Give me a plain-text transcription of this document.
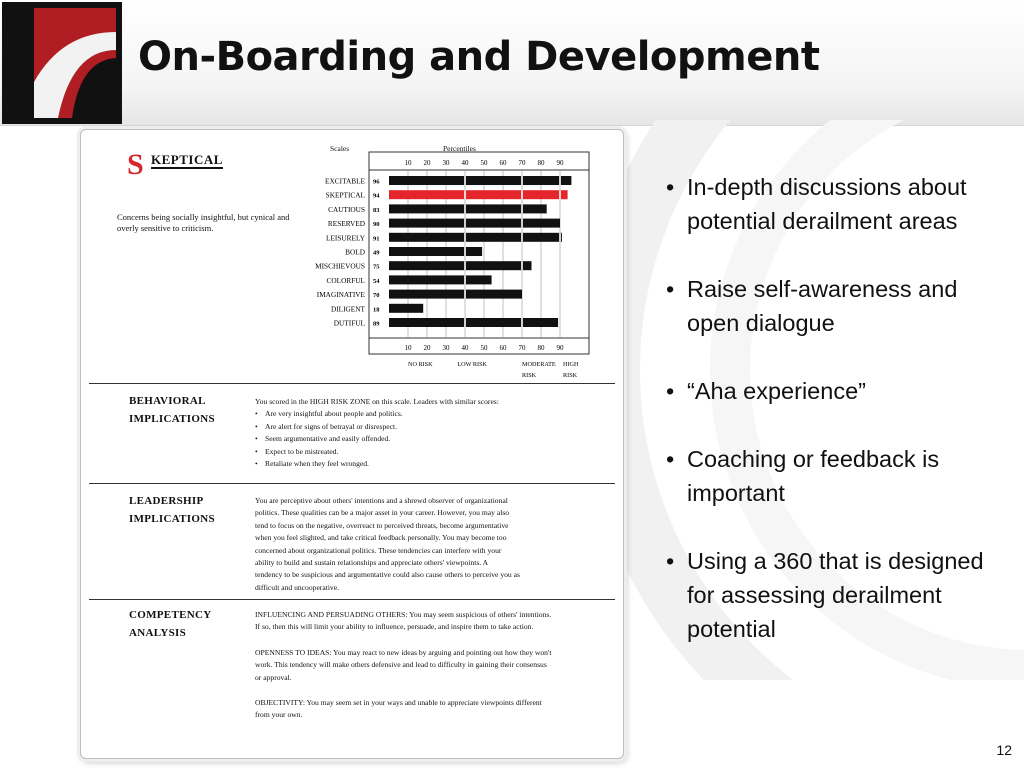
On-Boarding and Development
S KEPTICAL
Concerns being socially insightful, but cynical and overly sensitive to criticism.
Scales	Percentiles
10
10
20
20
30
30
40
40
50
50
60
60
70
70
80
80
90
90
EXCITABLE 96
SKEPTICAL 94
CAUTIOUS 83
RESERVED 90
LEISURELY 91
BOLD 49
MISCHIEVOUS 75
COLORFUL 54
IMAGINATIVE 70
DILIGENT 18
DUTIFUL 89
NO RISK	LOW RISK	MODERATE RISK
HIGH RISK
BEHAVIORAL IMPLICATIONS
You scored in the HIGH RISK ZONE on this scale. Leaders with similar scores:
• Are very insightful about people and politics.
• Are alert for signs of betrayal or disrespect.
• Seem argumentative and easily offended.
• Expect to be mistreated.
• Retaliate when they feel wronged.
LEADERSHIP IMPLICATIONS
You are perceptive about others' intentions and a shrewd observer of organizational
politics. These qualities can be a major asset in your career. However, you may also
tend to focus on the negative, overreact to perceived threats, become argumentative
when you feel slighted, and take critical feedback personally. You may become too
concerned about organizational politics. These tendencies can interfere with your
ability to build and sustain relationships and appreciate others' viewpoints. A
tendency to be suspicious and argumentative could also cause others to perceive you as
difficult and uncooperative.
COMPETENCY ANALYSIS

INFLUENCING AND PERSUADING OTHERS: You may seem suspicious of others' intentions. If so, then this will limit your ability to influence, persuade, and inspire them to take action.

OPENNESS TO IDEAS: You may react to new ideas by arguing and pointing out how they won't work. This tendency will make others defensive and lead to difficulty in gaining their consensus or approval.

OBJECTIVITY: You may seem set in your ways and unable to appreciate viewpoints different from your own.

• In-depth discussions about potential derailment areas
• Raise self-awareness and open dialogue
• “Aha experience”
• Coaching or feedback is important
• Using a 360 that is designed for assessing derailment potential
12
